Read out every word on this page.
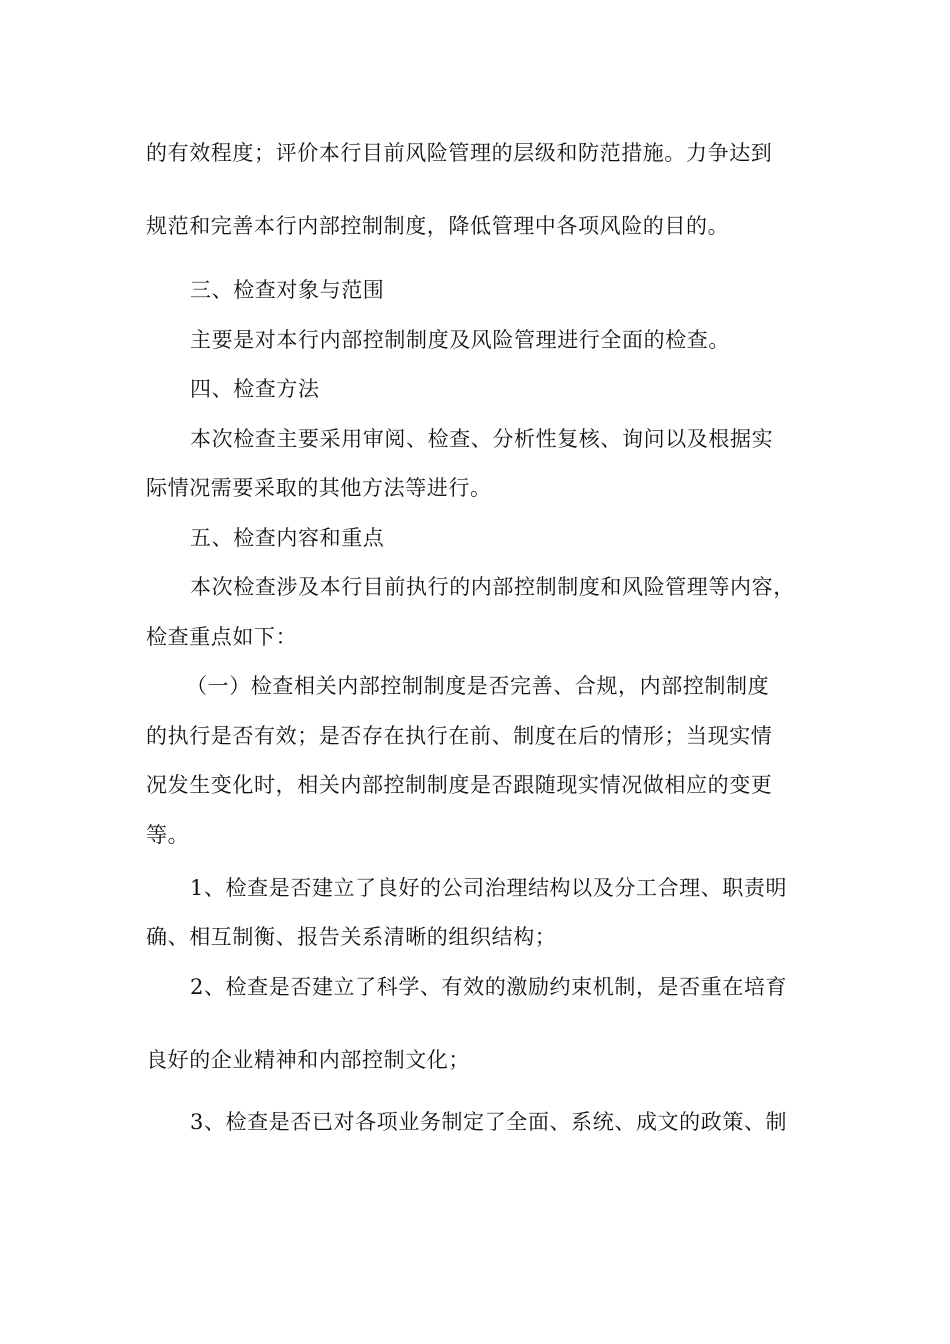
的有效程度；评价本行目前风险管理的层级和防范措施。力争达到
规范和完善本行内部控制制度，降低管理中各项风险的目的。
三、检查对象与范围
主要是对本行内部控制制度及风险管理进行全面的检查。
四、检查方法
本次检查主要采用审阅、检查、分析性复核、询问以及根据实
际情况需要采取的其他方法等进行。
五、检查内容和重点
本次检查涉及本行目前执行的内部控制制度和风险管理等内容，
检查重点如下：
（一）检查相关内部控制制度是否完善、合规，内部控制制度
的执行是否有效；是否存在执行在前、制度在后的情形；当现实情
况发生变化时，相关内部控制制度是否跟随现实情况做相应的变更
等。
1、检查是否建立了良好的公司治理结构以及分工合理、职责明
确、相互制衡、报告关系清晰的组织结构；
2、检查是否建立了科学、有效的激励约束机制，是否重在培育
良好的企业精神和内部控制文化；
3、检查是否已对各项业务制定了全面、系统、成文的政策、制
